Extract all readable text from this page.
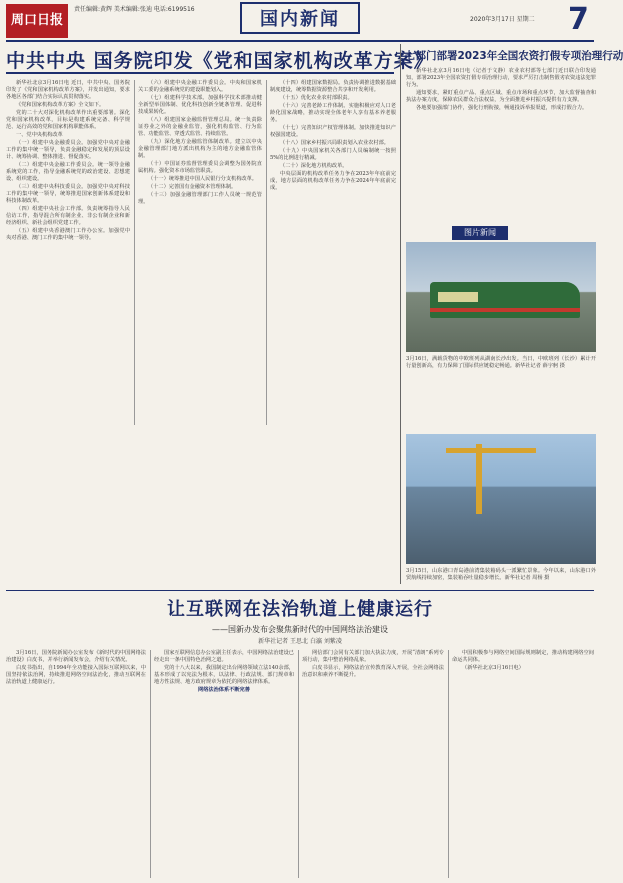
周口日报
责任编辑:黄辉 美术编辑:张迪 电话:6199516	国内新闻	2020年3月17日 星期二 7
中共中央 国务院印发《党和国家机构改革方案》

新华社北京3月16日电 近日，中共中央、国务院印发了《党和国家机构改革方案》，并发出通知，要求各地区各部门结合实际认真贯彻落实。

《党和国家机构改革方案》全文如下。

党的二十大对深化机构改革作出重要部署。深化党和国家机构改革，目标是构建系统完备、科学规范、运行高效的党和国家机构职能体系。

一、党中央机构改革

（一）组建中央金融委员会。加强党中央对金融工作的集中统一领导，负责金融稳定和发展的顶层设计、统筹协调、整体推进、督促落实。

（二）组建中央金融工作委员会。统一领导金融系统党的工作，指导金融系统党的政治建设、思想建设、组织建设。

（三）组建中央科技委员会。加强党中央对科技工作的集中统一领导，统筹推进国家创新体系建设和科技体制改革。

（四）组建中央社会工作部。负责统筹指导人民信访工作，指导混合所有制企业、非公有制企业和新经济组织、新社会组织党建工作。

（五）组建中央香港澳门工作办公室。加强党中央对香港、澳门工作的集中统一领导。

（六）组建中央金融工作委员会。中央和国家机关工委的金融系统党的建设职能划入。

（七）组建科学技术部。加强科学技术部推动健全新型举国体制、优化科技创新全链条管理、促进科技成果转化。

（八）组建国家金融监督管理总局。统一负责除证券业之外的金融业监管，强化机构监管、行为监管、功能监管、穿透式监管、持续监管。

（九）深化地方金融监管体制改革。建立以中央金融管理部门地方派出机构为主的地方金融监管体制。

（十）中国证券监督管理委员会调整为国务院直属机构。强化资本市场监管职责。

（十一）统筹推进中国人民银行分支机构改革。

（十二）完善国有金融资本管理体制。

（十三）加强金融管理部门工作人员统一规范管理。

（十四）组建国家数据局。负责协调推进数据基础制度建设，统筹数据资源整合共享和开发利用。

（十五）优化农业农村部职责。

（十六）完善老龄工作体制。实施积极应对人口老龄化国家战略，推动实现全体老年人享有基本养老服务。

（十七）完善知识产权管理体制。加快推进知识产权强国建设。

（十八）国家乡村振兴局职责划入农业农村部。

（十九）中央国家机关各部门人员编制统一按照5%的比例进行精减。

（二十）深化地方机构改革。

中央层面的机构改革任务力争在2023年年底前完成，地方层面的机构改革任务力争在2024年年底前完成。

七部门部署2023年全国农资打假专项治理行动

新华社北京3月16日电（记者于文静）农业农村部等七部门近日联合印发通知，部署2023年全国农资打假专项治理行动，要求严厉打击制售假劣农资违法犯罪行为。

通知要求，紧盯重点产品、重点区域、重点市场和重点环节，加大监督抽查和执法办案力度，保障农民群众合法权益，为全面推进乡村振兴提供有力支撑。

各地要加强部门协作，强化行刑衔接，畅通投诉举报渠道，形成打假合力。

图片新闻
3月16日，满载货物的中欧班列从湖南长沙出发。当日，中欧班列（长沙）累计开行量创新高，有力保障了国际供应链稳定畅通。新华社记者 薛宇舸 摄
3月15日，山东港口青岛港前湾集装箱码头一派繁忙景象。今年以来，山东港口外贸航线持续加密，集装箱吞吐量稳步增长。新华社记者 周杨 摄
让互联网在法治轨道上健康运行
——国新办发布会聚焦新时代的中国网络法治建设
新华社记者 王思北 白瀛 刘紫凌

3月16日，国务院新闻办公室发布《新时代的中国网络法治建设》白皮书，并举行新闻发布会，介绍有关情况。

白皮书指出，自1994年全功能接入国际互联网以来，中国坚持依法治网，持续推进网络空间法治化，推动互联网在法治轨道上健康运行。

国家互联网信息办公室副主任表示，中国网络法治建设已经走出一条中国特色治网之道。

党的十八大以来，我国制定出台网络领域立法140余部，基本形成了以宪法为根本，以法律、行政法规、部门规章和地方性法规、地方政府规章为依托的网络法律体系。

网络法治体系不断完善

网信部门会同有关部门加大执法力度，开展“清朗”系列专项行动，集中整治网络乱象。

白皮书显示，网络法治宣传教育深入开展，全社会网络法治意识和素养不断提升。

中国积极参与网络空间国际规则制定，推动构建网络空间命运共同体。

（新华社北京3月16日电）
